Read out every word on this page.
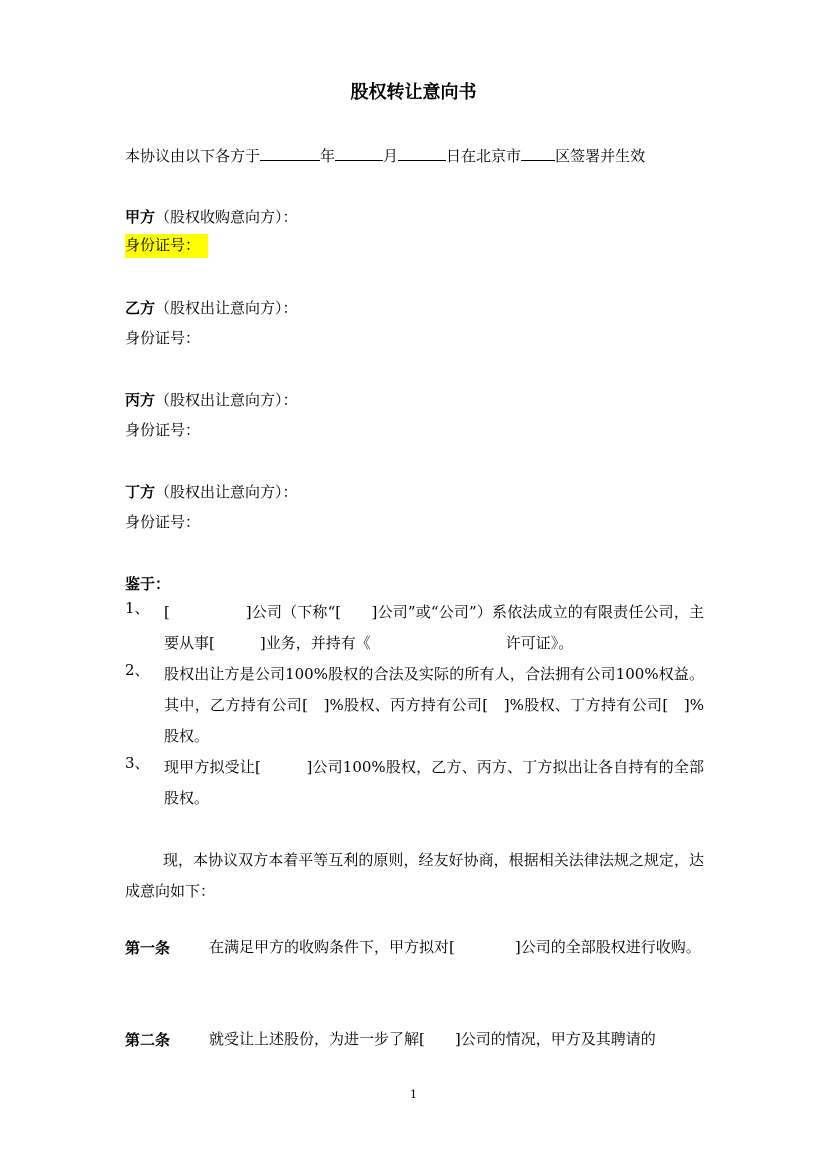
股权转让意向书
本协议由以下各方于	年	月	日在北京市 区签署并生效
甲方（股权收购意向方）：
身份证号：
乙方（股权出让意向方）：
身份证号：
丙方（股权出让意向方）：
身份证号：
丁方（股权出让意向方）：
身份证号：
鉴于：
1、 [　　　　　]公司（下称“[　　]公司”或“公司”）系依法成立的有限责任公司，主要从事[　　　]业务，并持有《　　　　　　　　　许可证》。
2、 股权出让方是公司100%股权的合法及实际的所有人，合法拥有公司100%权益。其中，乙方持有公司[　]%股权、丙方持有公司[　]%股权、丁方持有公司[　]%股权。
3、 现甲方拟受让[　　　]公司100%股权，乙方、丙方、丁方拟出让各自持有的全部股权。
现，本协议双方本着平等互利的原则，经友好协商，根据相关法律法规之规定，达成意向如下：
第一条	在满足甲方的收购条件下，甲方拟对[　　　　]公司的全部股权进行收购。
第二条	就受让上述股份，为进一步了解[　　]公司的情况，甲方及其聘请的
1
